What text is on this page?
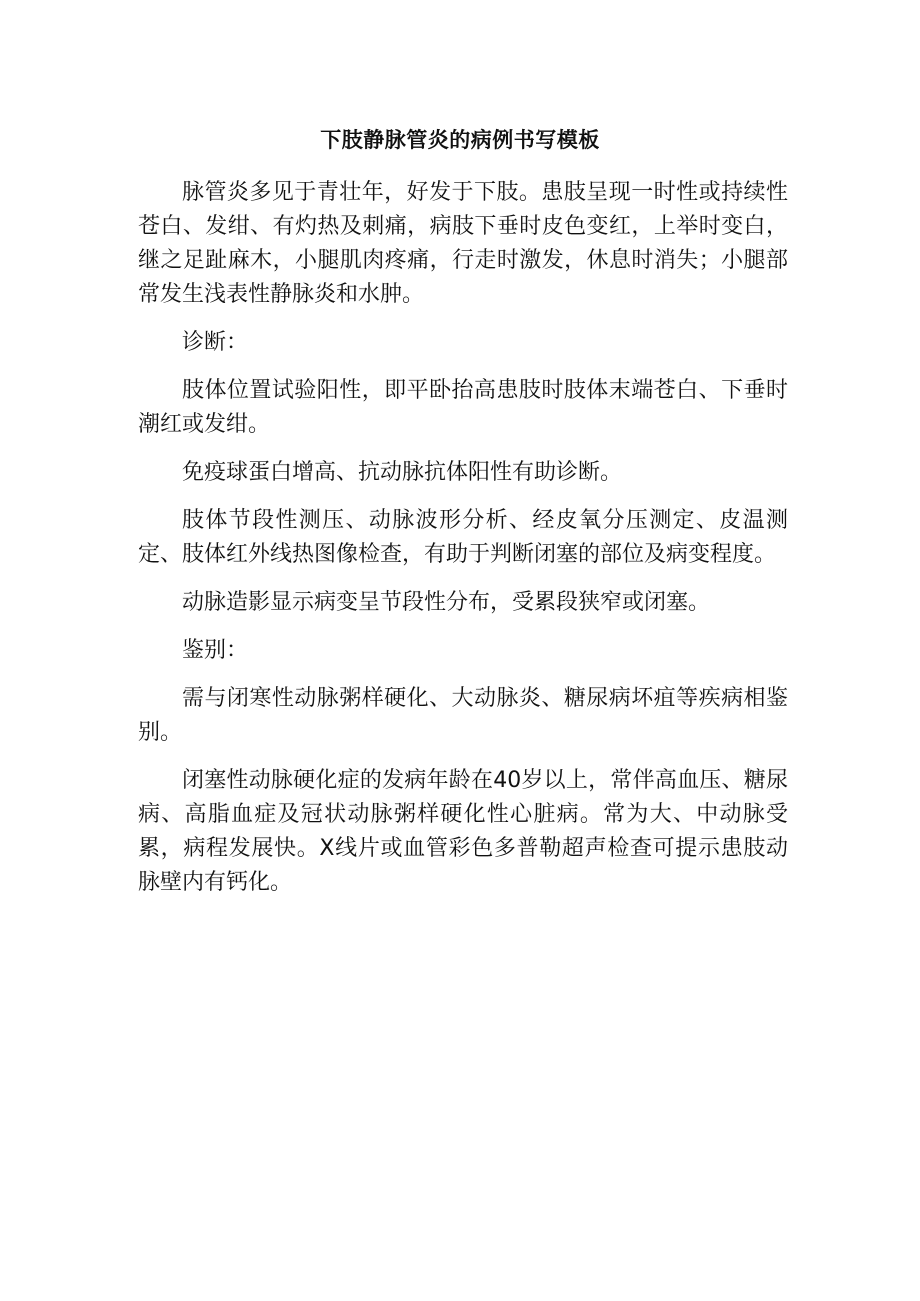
下肢静脉管炎的病例书写模板

脉管炎多见于青壮年，好发于下肢。患肢呈现一时性或持续性苍白、发绀、有灼热及刺痛，病肢下垂时皮色变红，上举时变白，继之足趾麻木，小腿肌肉疼痛，行走时激发，休息时消失；小腿部常发生浅表性静脉炎和水肿。

诊断：

肢体位置试验阳性，即平卧抬高患肢时肢体末端苍白、下垂时潮红或发绀。

免疫球蛋白增高、抗动脉抗体阳性有助诊断。

肢体节段性测压、动脉波形分析、经皮氧分压测定、皮温测定、肢体红外线热图像检查，有助于判断闭塞的部位及病变程度。

动脉造影显示病变呈节段性分布，受累段狭窄或闭塞。

鉴别：

需与闭寒性动脉粥样硬化、大动脉炎、糖尿病坏疽等疾病相鉴别。

闭塞性动脉硬化症的发病年龄在40岁以上，常伴高血压、糖尿病、高脂血症及冠状动脉粥样硬化性心脏病。常为大、中动脉受累，病程发展快。X线片或血管彩色多普勒超声检查可提示患肢动脉壁内有钙化。
